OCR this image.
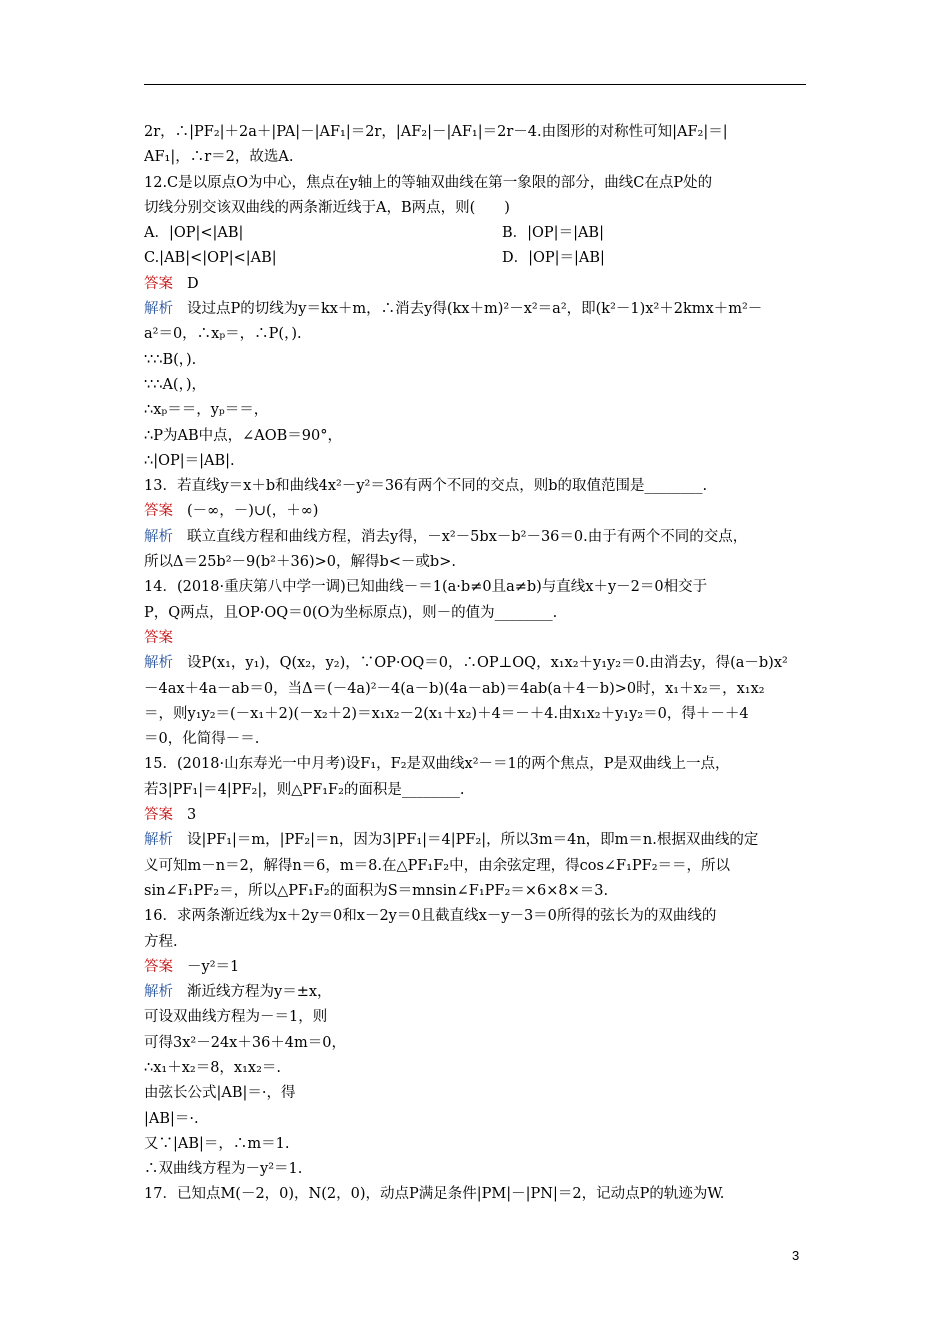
2r，∴|PF₂|＋2a＋|PA|－|AF₁|＝2r，|AF₂|－|AF₁|＝2r－4.由图形的对称性可知|AF₂|＝|
AF₁|，∴r＝2，故选A.
12.C是以原点O为中心，焦点在y轴上的等轴双曲线在第一象限的部分，曲线C在点P处的
切线分别交该双曲线的两条渐近线于A，B两点，则(　　)
A．|OP|<|AB|	B．|OP|＝|AB|
C.|AB|<|OP|<|AB|	D．|OP|＝|AB|
答案 D
解析 设过点P的切线为y＝kx＋m，∴消去y得(kx＋m)²－x²＝a²，即(k²－1)x²＋2kmx＋m²－
a²＝0，∴xₚ＝，∴P(，).
∵∴B(，).
∵∴A(，)，
∴xₚ＝＝，yₚ＝＝，
∴P为AB中点，∠AOB＝90°，
∴|OP|＝|AB|.
13．若直线y＝x＋b和曲线4x²－y²＝36有两个不同的交点，则b的取值范围是________.
答案 (－∞，－)∪(，＋∞)
解析 联立直线方程和曲线方程，消去y得，－x²－5bx－b²－36＝0.由于有两个不同的交点，
所以Δ＝25b²－9(b²＋36)>0，解得b<－或b>.
14．(2018·重庆第八中学一调)已知曲线－＝1(a·b≠0且a≠b)与直线x＋y－2＝0相交于
P，Q两点，且OP·OQ＝0(O为坐标原点)，则－的值为________.
答案
解析 设P(x₁，y₁)，Q(x₂，y₂)，∵OP·OQ＝0，∴OP⊥OQ，x₁x₂＋y₁y₂＝0.由消去y，得(a－b)x²
－4ax＋4a－ab＝0，当Δ＝(－4a)²－4(a－b)(4a－ab)＝4ab(a＋4－b)>0时，x₁＋x₂＝，x₁x₂
＝，则y₁y₂＝(－x₁＋2)(－x₂＋2)＝x₁x₂－2(x₁＋x₂)＋4＝－＋4.由x₁x₂＋y₁y₂＝0，得＋－＋4
＝0，化简得－＝.
15．(2018·山东寿光一中月考)设F₁，F₂是双曲线x²－＝1的两个焦点，P是双曲线上一点，
若3|PF₁|＝4|PF₂|，则△PF₁F₂的面积是________.
答案 3
解析 设|PF₁|＝m，|PF₂|＝n，因为3|PF₁|＝4|PF₂|，所以3m＝4n，即m＝n.根据双曲线的定
义可知m－n＝2，解得n＝6，m＝8.在△PF₁F₂中，由余弦定理，得cos∠F₁PF₂＝＝，所以
sin∠F₁PF₂＝，所以△PF₁F₂的面积为S＝mnsin∠F₁PF₂＝×6×8×＝3.
16．求两条渐近线为x＋2y＝0和x－2y＝0且截直线x－y－3＝0所得的弦长为的双曲线的
方程.
答案 －y²＝1
解析 渐近线方程为y＝±x，
可设双曲线方程为－＝1，则
可得3x²－24x＋36＋4m＝0，
∴x₁＋x₂＝8，x₁x₂＝.
由弦长公式|AB|＝·，得
|AB|＝·.
又∵|AB|＝，∴m＝1.
∴双曲线方程为－y²＝1.
17．已知点M(－2，0)，N(2，0)，动点P满足条件|PM|－|PN|＝2，记动点P的轨迹为W.
3
